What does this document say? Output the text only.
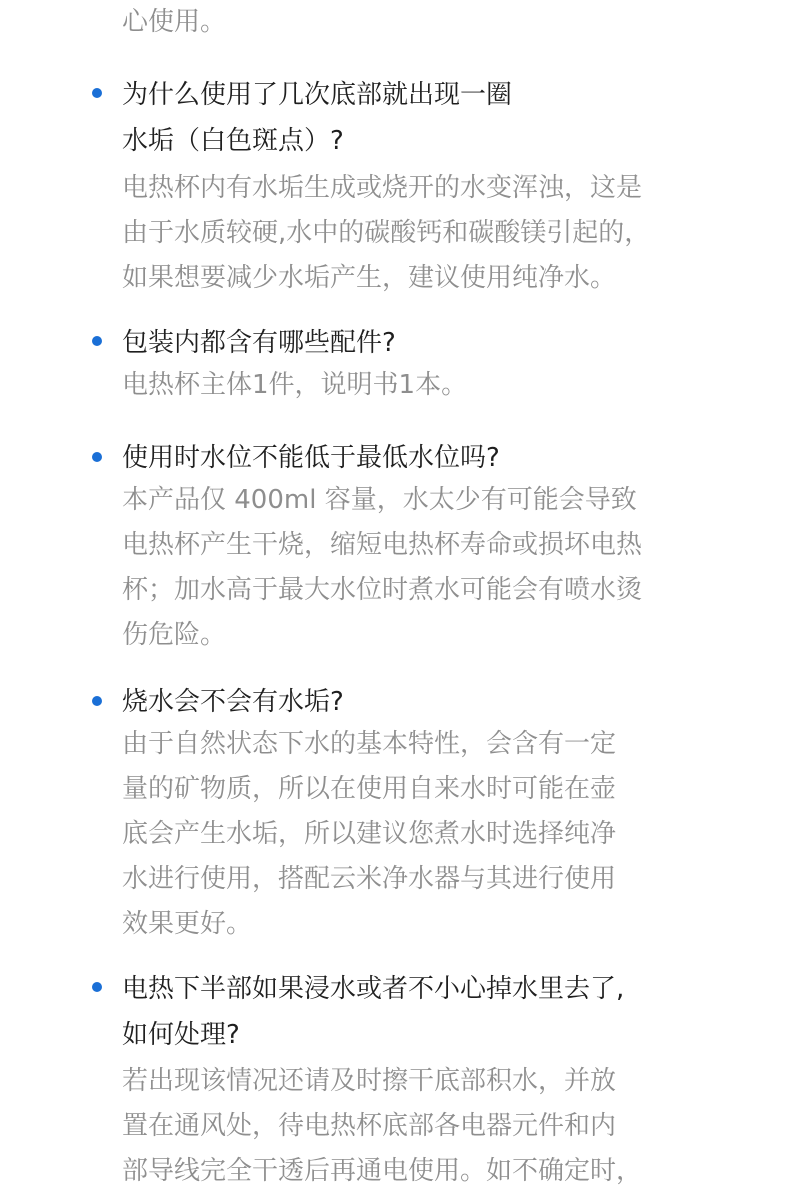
心使用。
为什么使用了几次底部就出现一圈
水垢（白色斑点）?
电热杯内有水垢生成或烧开的水变浑浊，这是
由于水质较硬,水中的碳酸钙和碳酸镁引起的，
如果想要减少水垢产生，建议使用纯净水。
包装内都含有哪些配件?
电热杯主体1件，说明书1本。
使用时水位不能低于最低水位吗?
本产品仅 400ml 容量，水太少有可能会导致
电热杯产生干烧，缩短电热杯寿命或损坏电热
杯；加水高于最大水位时煮水可能会有喷水烫
伤危险。
烧水会不会有水垢?
由于自然状态下水的基本特性，会含有一定
量的矿物质，所以在使用自来水时可能在壶
底会产生水垢，所以建议您煮水时选择纯净
水进行使用，搭配云米净水器与其进行使用
效果更好。
电热下半部如果浸水或者不小心掉水里去了,
如何处理?
若出现该情况还请及时擦干底部积水，并放
置在通风处，待电热杯底部各电器元件和内
部导线完全干透后再通电使用。如不确定时，
